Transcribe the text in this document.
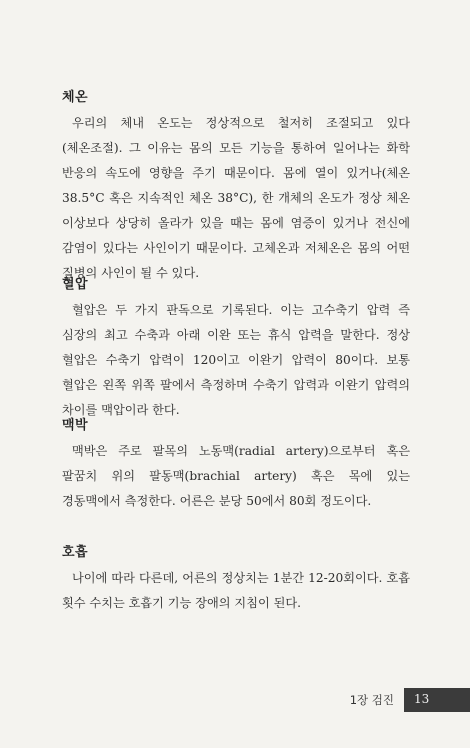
체온

우리의 체내 온도는 정상적으로 철저히 조절되고 있다(체온조절). 그 이유는 몸의 모든 기능을 통하여 일어나는 화학 반응의 속도에 영향을 주기 때문이다. 몸에 열이 있거나(체온 38.5°C 혹은 지속적인 체온 38°C), 한 개체의 온도가 정상 체온 이상보다 상당히 올라가 있을 때는 몸에 염증이 있거나 전신에 감염이 있다는 사인이기 때문이다. 고체온과 저체온은 몸의 어떤 질병의 사인이 될 수 있다.

혈압

혈압은 두 가지 판독으로 기록된다. 이는 고수축기 압력 즉 심장의 최고 수축과 아래 이완 또는 휴식 압력을 말한다. 정상 혈압은 수축기 압력이 120이고 이완기 압력이 80이다. 보통 혈압은 왼쪽 위쪽 팔에서 측정하며 수축기 압력과 이완기 압력의 차이를 맥압이라 한다.

맥박

맥박은 주로 팔목의 노동맥(radial artery)으로부터 혹은 팔꿈치 위의 팔동맥(brachial artery) 혹은 목에 있는 경동맥에서 측정한다. 어른은 분당 50에서 80회 정도이다.

호흡

나이에 따라 다른데, 어른의 정상치는 1분간 12-20회이다. 호흡 횟수 수치는 호흡기 기능 장애의 지침이 된다.

1장 검진	13
